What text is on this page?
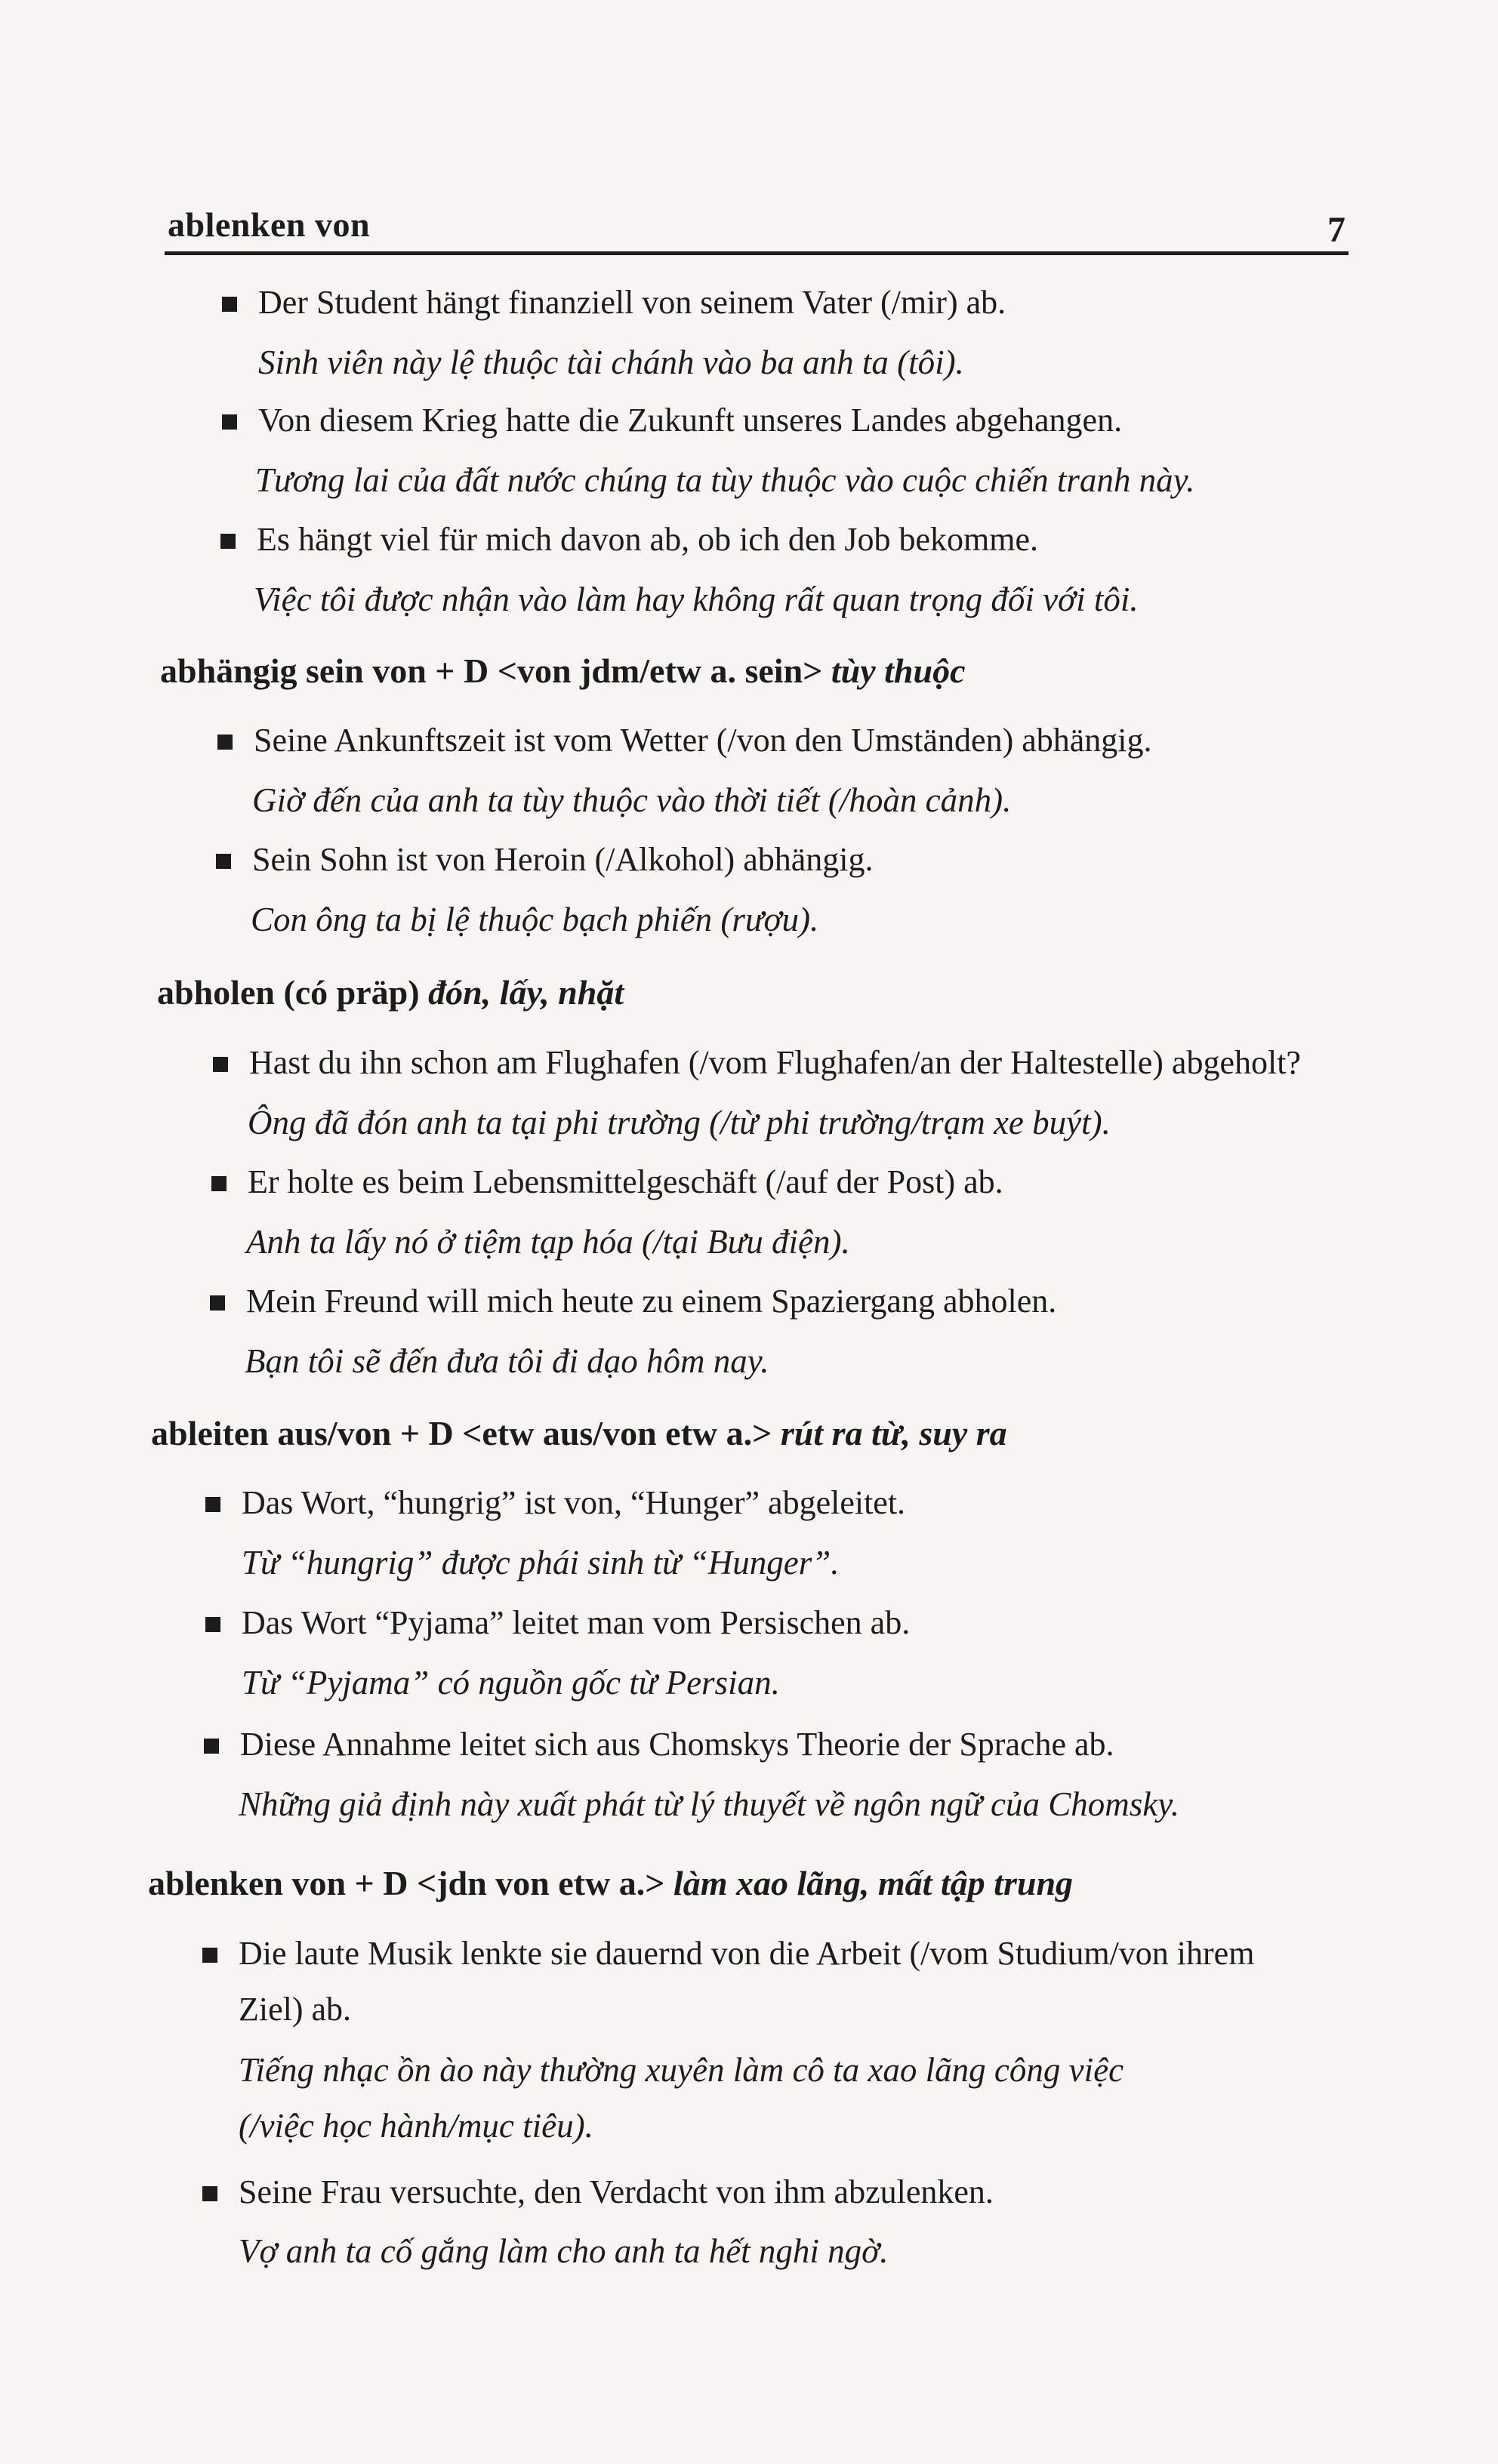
ablenken von	7
Der Student hängt finanziell von seinem Vater (/mir) ab.
Sinh viên này lệ thuộc tài chánh vào ba anh ta (tôi).
Von diesem Krieg hatte die Zukunft unseres Landes abgehangen.
Tương lai của đất nước chúng ta tùy thuộc vào cuộc chiến tranh này.
Es hängt viel für mich davon ab, ob ich den Job bekomme.
Việc tôi được nhận vào làm hay không rất quan trọng đối với tôi.
abhängig sein von + D <von jdm/etw a. sein> tùy thuộc
Seine Ankunftszeit ist vom Wetter (/von den Umständen) abhängig.
Giờ đến của anh ta tùy thuộc vào thời tiết (/hoàn cảnh).
Sein Sohn ist von Heroin (/Alkohol) abhängig.
Con ông ta bị lệ thuộc bạch phiến (rượu).
abholen (có präp) đón, lấy, nhặt
Hast du ihn schon am Flughafen (/vom Flughafen/an der Haltestelle) abgeholt?
Ông đã đón anh ta tại phi trường (/từ phi trường/trạm xe buýt).
Er holte es beim Lebensmittelgeschäft (/auf der Post) ab.
Anh ta lấy nó ở tiệm tạp hóa (/tại Bưu điện).
Mein Freund will mich heute zu einem Spaziergang abholen.
Bạn tôi sẽ đến đưa tôi đi dạo hôm nay.
ableiten aus/von + D <etw aus/von etw a.> rút ra từ, suy ra
Das Wort, “hungrig” ist von, “Hunger” abgeleitet.
Từ “hungrig” được phái sinh từ “Hunger”.
Das Wort “Pyjama” leitet man vom Persischen ab.
Từ “Pyjama” có nguồn gốc từ Persian.
Diese Annahme leitet sich aus Chomskys Theorie der Sprache ab.
Những giả định này xuất phát từ lý thuyết về ngôn ngữ của Chomsky.
ablenken von + D <jdn von etw a.> làm xao lãng, mất tập trung
Die laute Musik lenkte sie dauernd von die Arbeit (/vom Studium/von ihrem
Ziel) ab.
Tiếng nhạc ồn ào này thường xuyên làm cô ta xao lãng công việc
(/việc học hành/mục tiêu).
Seine Frau versuchte, den Verdacht von ihm abzulenken.
Vợ anh ta cố gắng làm cho anh ta hết nghi ngờ.
